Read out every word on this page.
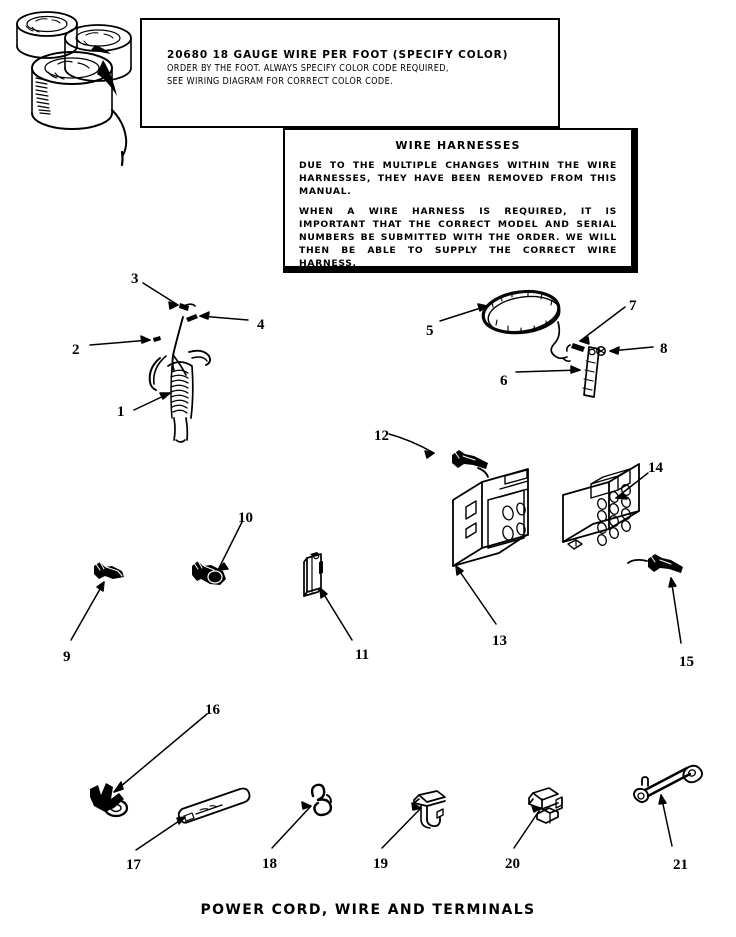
20680 18 GAUGE WIRE PER FOOT (SPECIFY COLOR)
ORDER BY THE FOOT. ALWAYS SPECIFY COLOR CODE REQUIRED,
SEE WIRING DIAGRAM FOR CORRECT COLOR CODE.
WIRE HARNESSES
DUE TO THE MULTIPLE CHANGES WITHIN THE WIRE HARNESSES, THEY HAVE BEEN REMOVED FROM THIS MANUAL.
WHEN A WIRE HARNESS IS REQUIRED, IT IS IMPORTANT THAT THE CORRECT MODEL AND SERIAL NUMBERS BE SUBMITTED WITH THE ORDER. WE WILL THEN BE ABLE TO SUPPLY THE CORRECT WIRE HARNESS.
1
2
3
4	5
6
7
8
9
10
11
12
13
14
15
16
17	18	19	20	21
POWER CORD, WIRE AND TERMINALS
